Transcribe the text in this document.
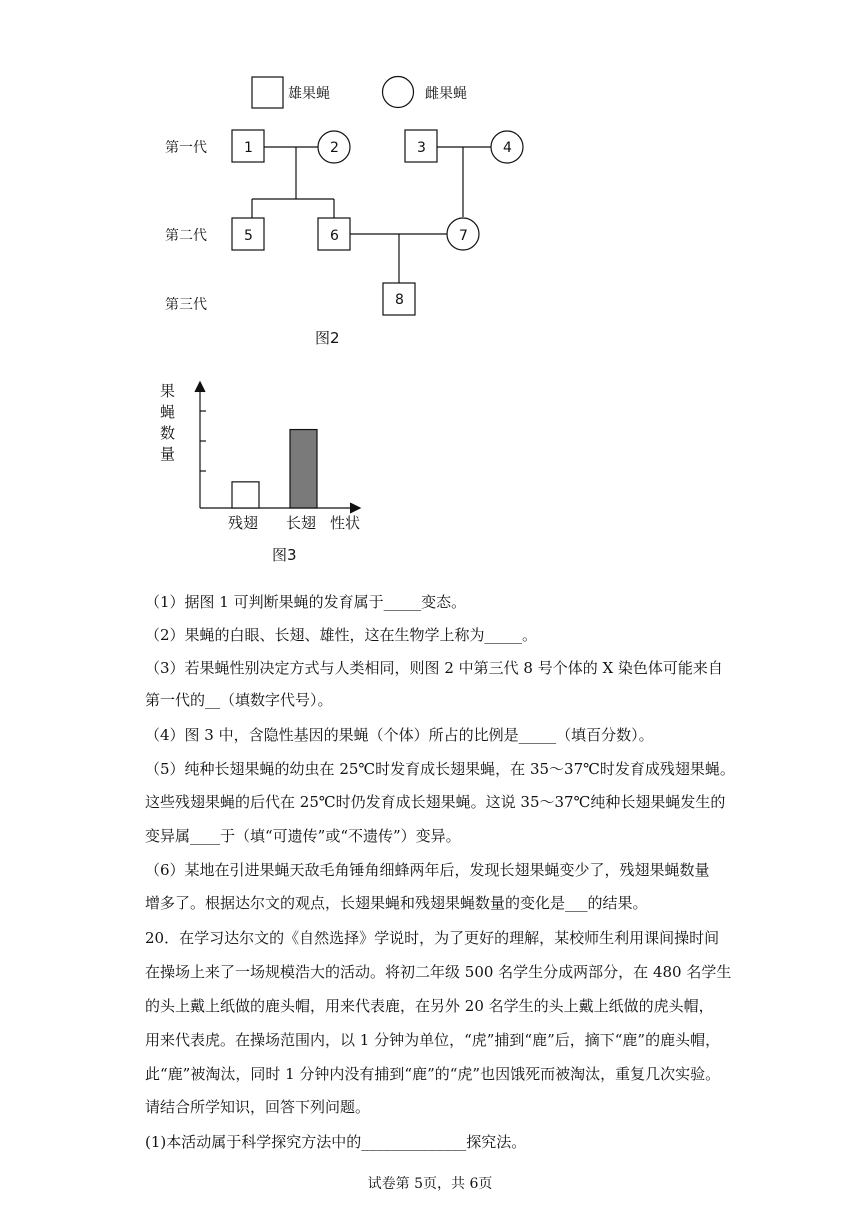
雄果蝇	雌果蝇
第一代
第二代
第三代
1	2	3	4
5	6	7
8
图2
果
蝇
数
量
残翅 长翅 性状
图3
（1）据图 1 可判断果蝇的发育属于_____变态。
（2）果蝇的白眼、长翅、雄性，这在生物学上称为_____。
（3）若果蝇性别决定方式与人类相同，则图 2 中第三代 8 号个体的 X 染色体可能来自
第一代的__（填数字代号）。
（4）图 3 中，含隐性基因的果蝇（个体）所占的比例是_____（填百分数）。
（5）纯种长翅果蝇的幼虫在 25℃时发育成长翅果蝇，在 35～37℃时发育成残翅果蝇。
这些残翅果蝇的后代在 25℃时仍发育成长翅果蝇。这说 35～37℃纯种长翅果蝇发生的
变异属____于（填“可遗传”或“不遗传”）变异。
（6）某地在引进果蝇天敌毛角锤角细蜂两年后，发现长翅果蝇变少了，残翅果蝇数量
增多了。根据达尔文的观点，长翅果蝇和残翅果蝇数量的变化是___的结果。
20．在学习达尔文的《自然选择》学说时，为了更好的理解，某校师生利用课间操时间
在操场上来了一场规模浩大的活动。将初二年级 500 名学生分成两部分，在 480 名学生
的头上戴上纸做的鹿头帽，用来代表鹿，在另外 20 名学生的头上戴上纸做的虎头帽，
用来代表虎。在操场范围内，以 1 分钟为单位，“虎”捕到“鹿”后，摘下“鹿”的鹿头帽，
此“鹿”被淘汰，同时 1 分钟内没有捕到“鹿”的“虎”也因饿死而被淘汰，重复几次实验。
请结合所学知识，回答下列问题。
(1)本活动属于科学探究方法中的______________探究法。
试卷第 5页，共 6页
